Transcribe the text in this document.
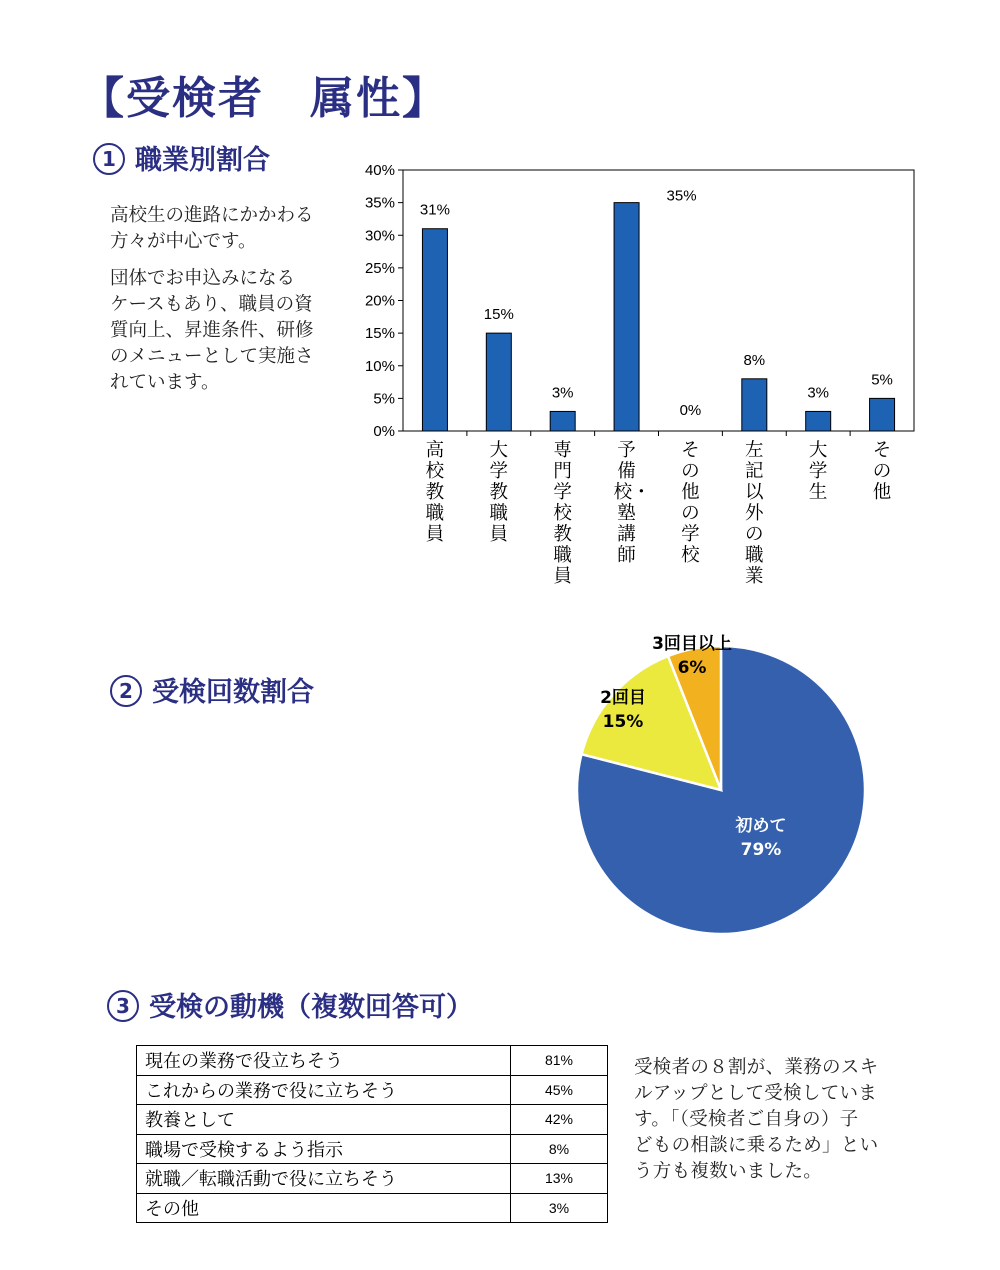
【受検者　属性】
1 職業別割合

高校生の進路にかかわる
方々が中心です。

団体でお申込みになる
ケースもあり、職員の資
質向上、昇進条件、研修
のメニューとして実施さ
れています。

0%
5%
10%
15%
20%
25%
30%
35%
40%
31%
15%
3%
35%
0%
8%
3%
5%
高校教職員
大学教職員
専門学校教職員
予備校・塾講師
その他の学校
左記以外の職業
大学生
その他
2 受検回数割合
初めて
79%
2回目
15%
3回目以上
6%
3 受検の動機（複数回答可）
現在の業務で役立ちそう	81%
これからの業務で役に立ちそう	45%
教養として	42%
職場で受検するよう指示	8%
就職／転職活動で役に立ちそう	13%
その他	3%

受検者の８割が、業務のスキ
ルアップとして受検していま
す。「（受検者ご自身の）子
どもの相談に乗るため」とい
う方も複数いました。
